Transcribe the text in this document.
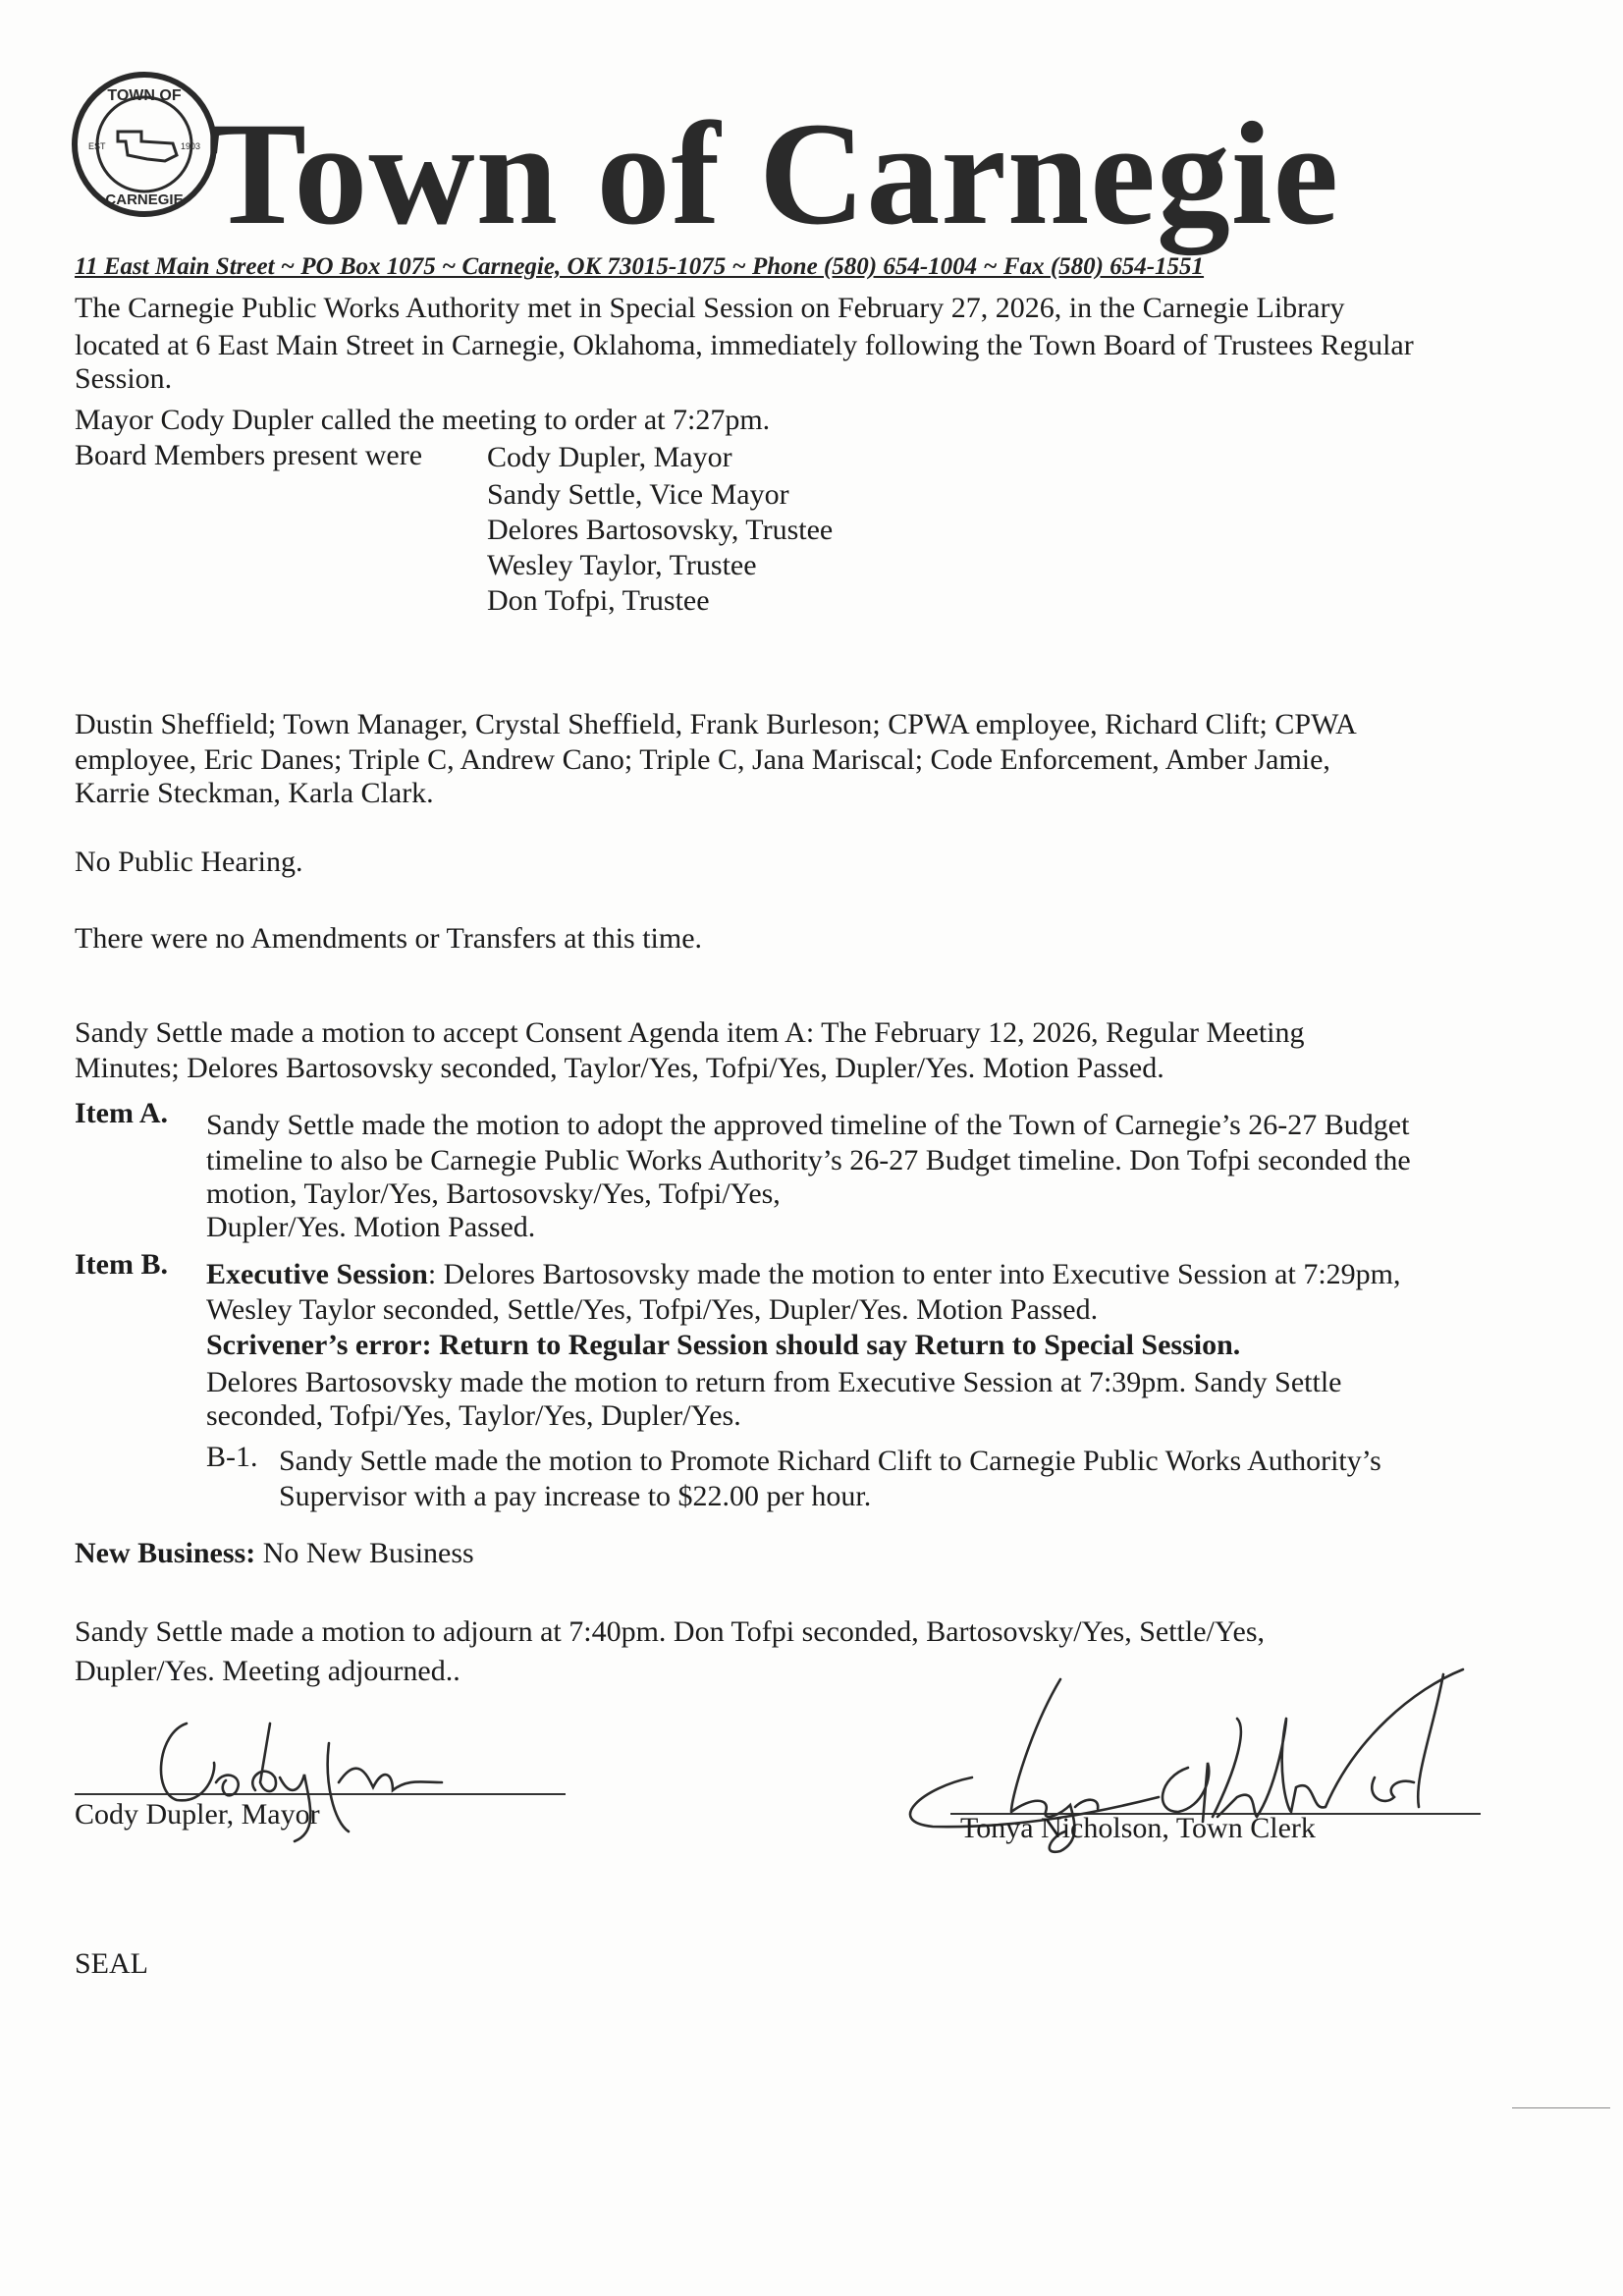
TOWN OF
CARNEGIE
EST	1903 Town of Carnegie
11 East Main Street ~ PO Box 1075 ~ Carnegie, OK 73015-1075 ~ Phone (580) 654-1004 ~ Fax (580) 654-1551
The Carnegie Public Works Authority met in Special Session on February 27, 2026, in the Carnegie Library
located at 6 East Main Street in Carnegie, Oklahoma, immediately following the Town Board of Trustees Regular
Session.
Mayor Cody Dupler called the meeting to order at 7:27pm.
Board Members present were Cody Dupler, Mayor
Sandy Settle, Vice Mayor
Delores Bartosovsky, Trustee
Wesley Taylor, Trustee
Don Tofpi, Trustee
Dustin Sheffield; Town Manager, Crystal Sheffield, Frank Burleson; CPWA employee, Richard Clift; CPWA
employee, Eric Danes; Triple C, Andrew Cano; Triple C, Jana Mariscal; Code Enforcement, Amber Jamie,
Karrie Steckman, Karla Clark.
No Public Hearing.
There were no Amendments or Transfers at this time.
Sandy Settle made a motion to accept Consent Agenda item A: The February 12, 2026, Regular Meeting
Minutes; Delores Bartosovsky seconded, Taylor/Yes, Tofpi/Yes, Dupler/Yes. Motion Passed.
Item A. Sandy Settle made the motion to adopt the approved timeline of the Town of Carnegie’s 26-27 Budget
timeline to also be Carnegie Public Works Authority’s 26-27 Budget timeline. Don Tofpi seconded the
motion, Taylor/Yes, Bartosovsky/Yes, Tofpi/Yes,
Dupler/Yes. Motion Passed.
Item B. Executive Session: Delores Bartosovsky made the motion to enter into Executive Session at 7:29pm,
Wesley Taylor seconded, Settle/Yes, Tofpi/Yes, Dupler/Yes. Motion Passed.
Scrivener’s error: Return to Regular Session should say Return to Special Session.
Delores Bartosovsky made the motion to return from Executive Session at 7:39pm. Sandy Settle
seconded, Tofpi/Yes, Taylor/Yes, Dupler/Yes.
B-1. Sandy Settle made the motion to Promote Richard Clift to Carnegie Public Works Authority’s
Supervisor with a pay increase to $22.00 per hour.
New Business: No New Business
Sandy Settle made a motion to adjourn at 7:40pm. Don Tofpi seconded, Bartosovsky/Yes, Settle/Yes,
Dupler/Yes. Meeting adjourned..
Cody Dupler, Mayor	Tonya Nicholson, Town Clerk
SEAL
